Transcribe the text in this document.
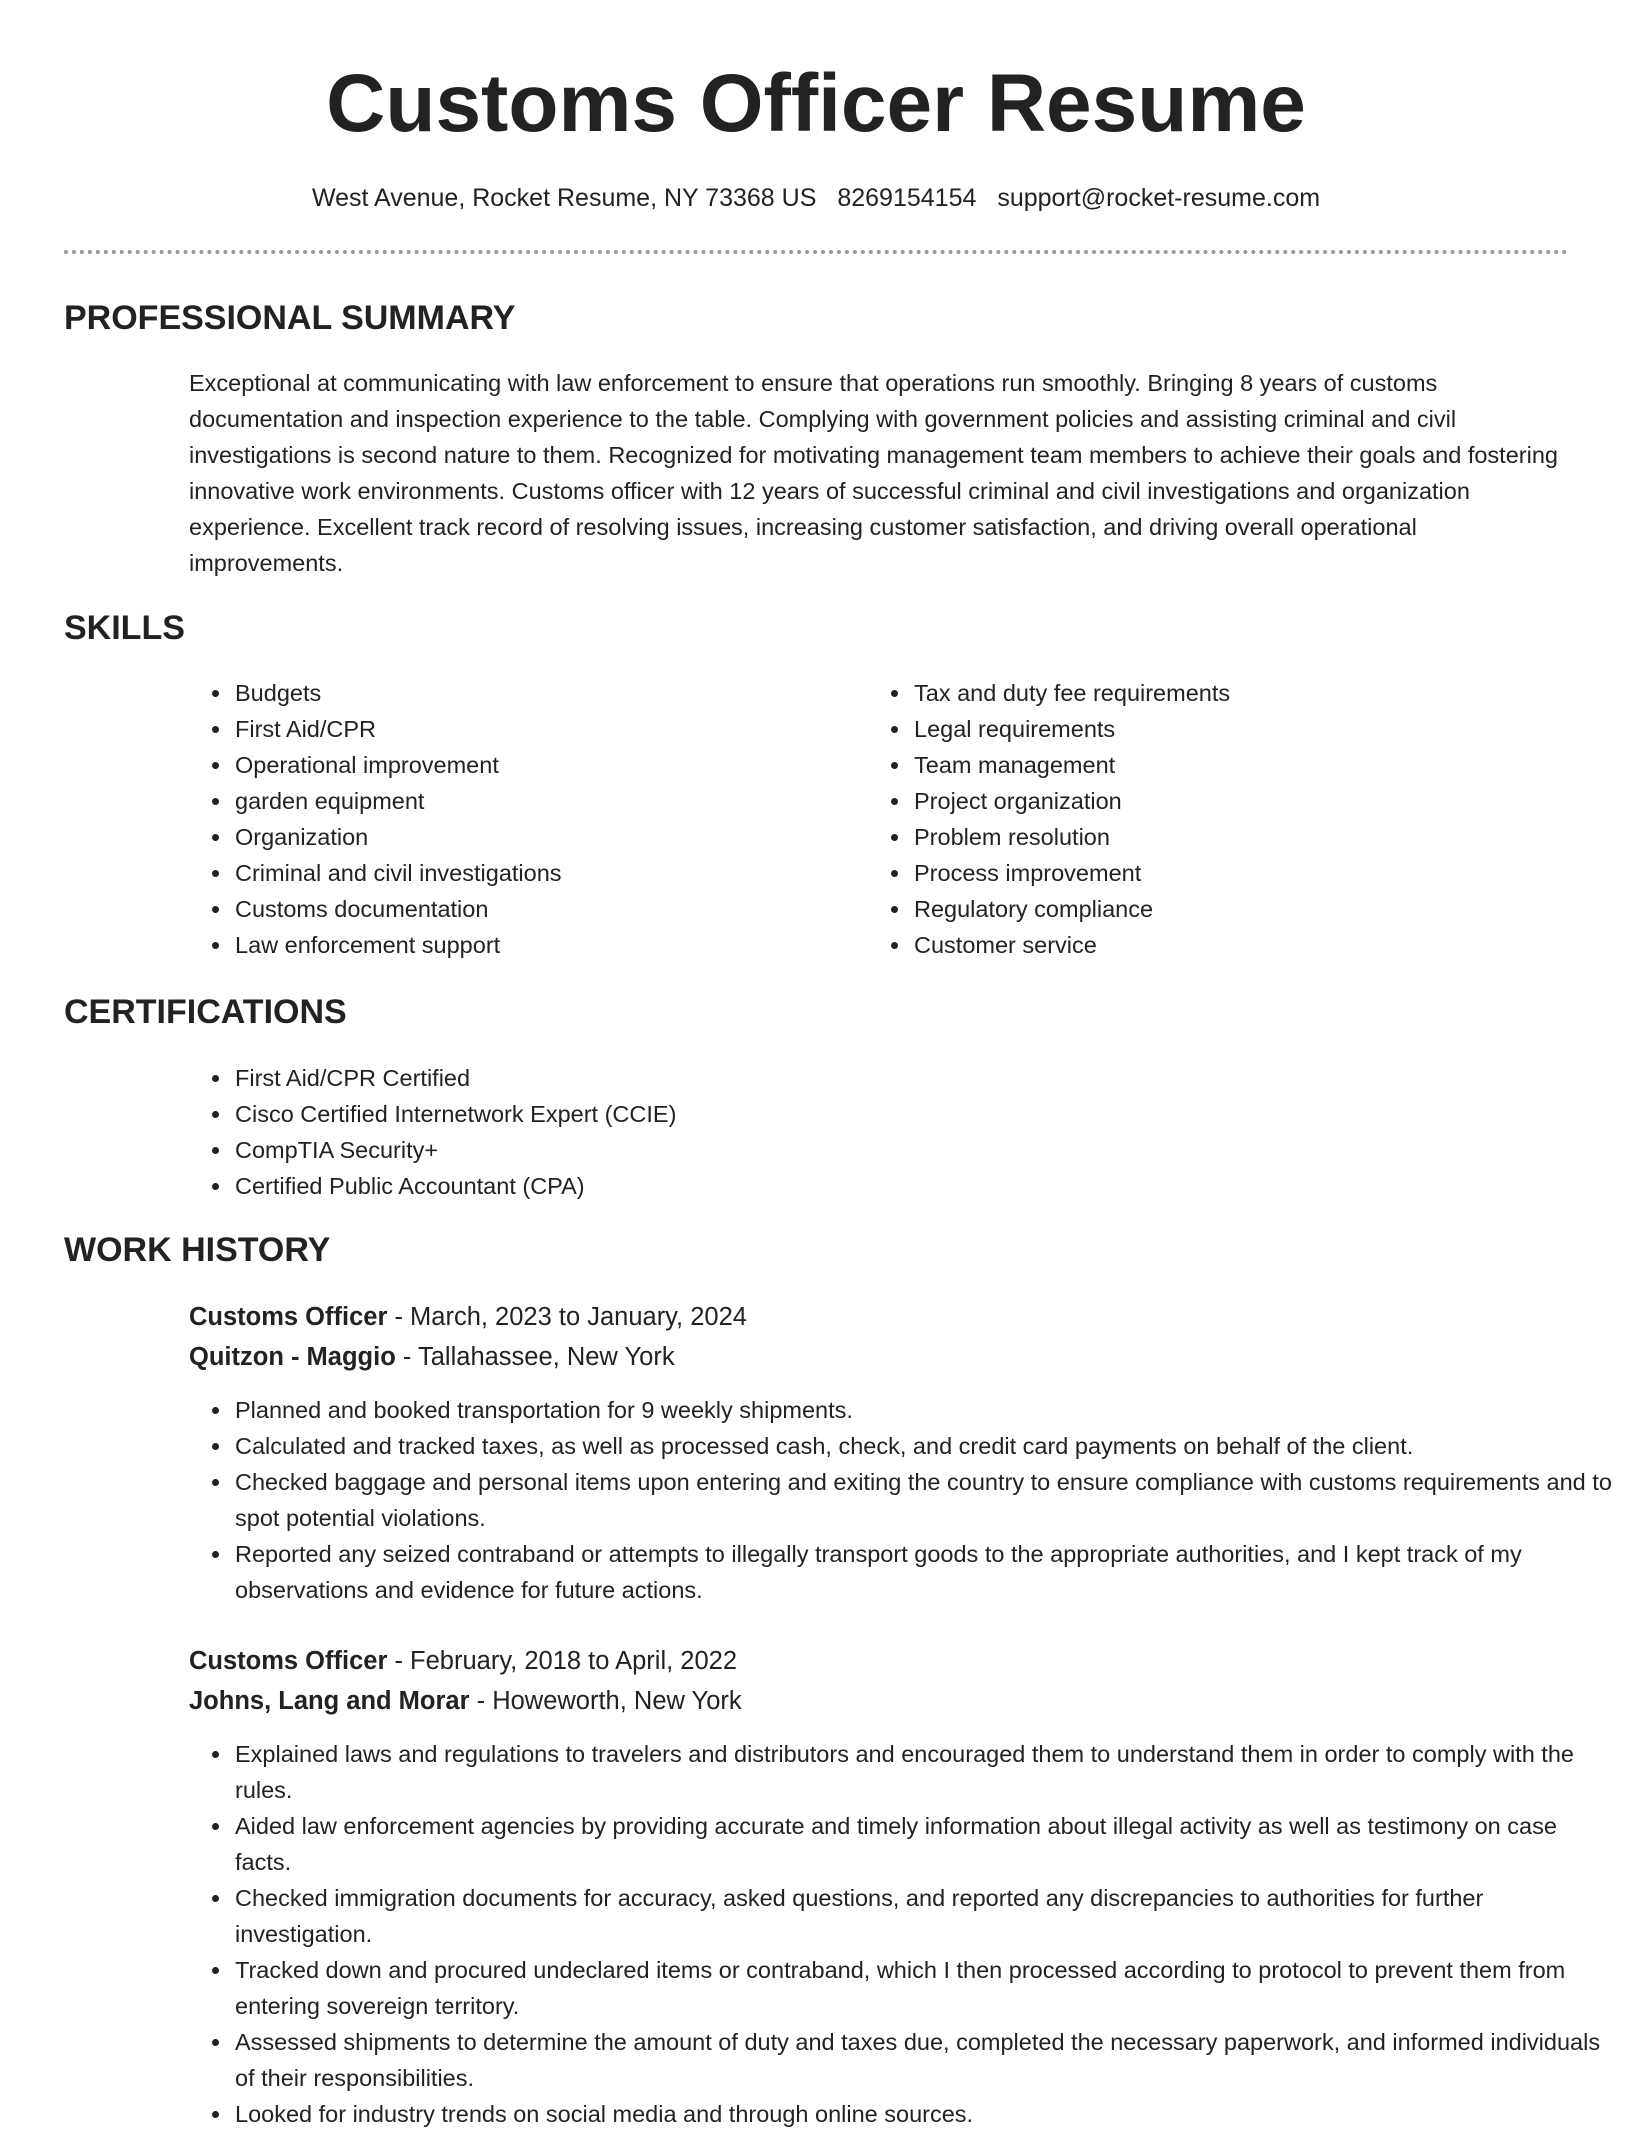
Customs Officer Resume
West Avenue, Rocket Resume, NY 73368 US 8269154154 support@rocket-resume.com
PROFESSIONAL SUMMARY

Exceptional at communicating with law enforcement to ensure that operations run smoothly. Bringing 8 years of customs documentation and inspection experience to the table. Complying with government policies and assisting criminal and civil investigations is second nature to them. Recognized for motivating management team members to achieve their goals and fostering innovative work environments. Customs officer with 12 years of successful criminal and civil investigations and organization experience. Excellent track record of resolving issues, increasing customer satisfaction, and driving overall operational improvements.

SKILLS
• Budgets
• First Aid/CPR
• Operational improvement
• garden equipment
• Organization
• Criminal and civil investigations
• Customs documentation
• Law enforcement support
• Tax and duty fee requirements
• Legal requirements
• Team management
• Project organization
• Problem resolution
• Process improvement
• Regulatory compliance
• Customer service
CERTIFICATIONS
• First Aid/CPR Certified
• Cisco Certified Internetwork Expert (CCIE)
• CompTIA Security+
• Certified Public Accountant (CPA)
WORK HISTORY
Customs Officer - March, 2023 to January, 2024
Quitzon - Maggio - Tallahassee, New York
• Planned and booked transportation for 9 weekly shipments.
• Calculated and tracked taxes, as well as processed cash, check, and credit card payments on behalf of the client.
• Checked baggage and personal items upon entering and exiting the country to ensure compliance with customs requirements and to spot potential violations.
• Reported any seized contraband or attempts to illegally transport goods to the appropriate authorities, and I kept track of my observations and evidence for future actions.
Customs Officer - February, 2018 to April, 2022
Johns, Lang and Morar - Howeworth, New York
• Explained laws and regulations to travelers and distributors and encouraged them to understand them in order to comply with the rules.
• Aided law enforcement agencies by providing accurate and timely information about illegal activity as well as testimony on case facts.
• Checked immigration documents for accuracy, asked questions, and reported any discrepancies to authorities for further investigation.
• Tracked down and procured undeclared items or contraband, which I then processed according to protocol to prevent them from entering sovereign territory.
• Assessed shipments to determine the amount of duty and taxes due, completed the necessary paperwork, and informed individuals of their responsibilities.
• Looked for industry trends on social media and through online sources.
